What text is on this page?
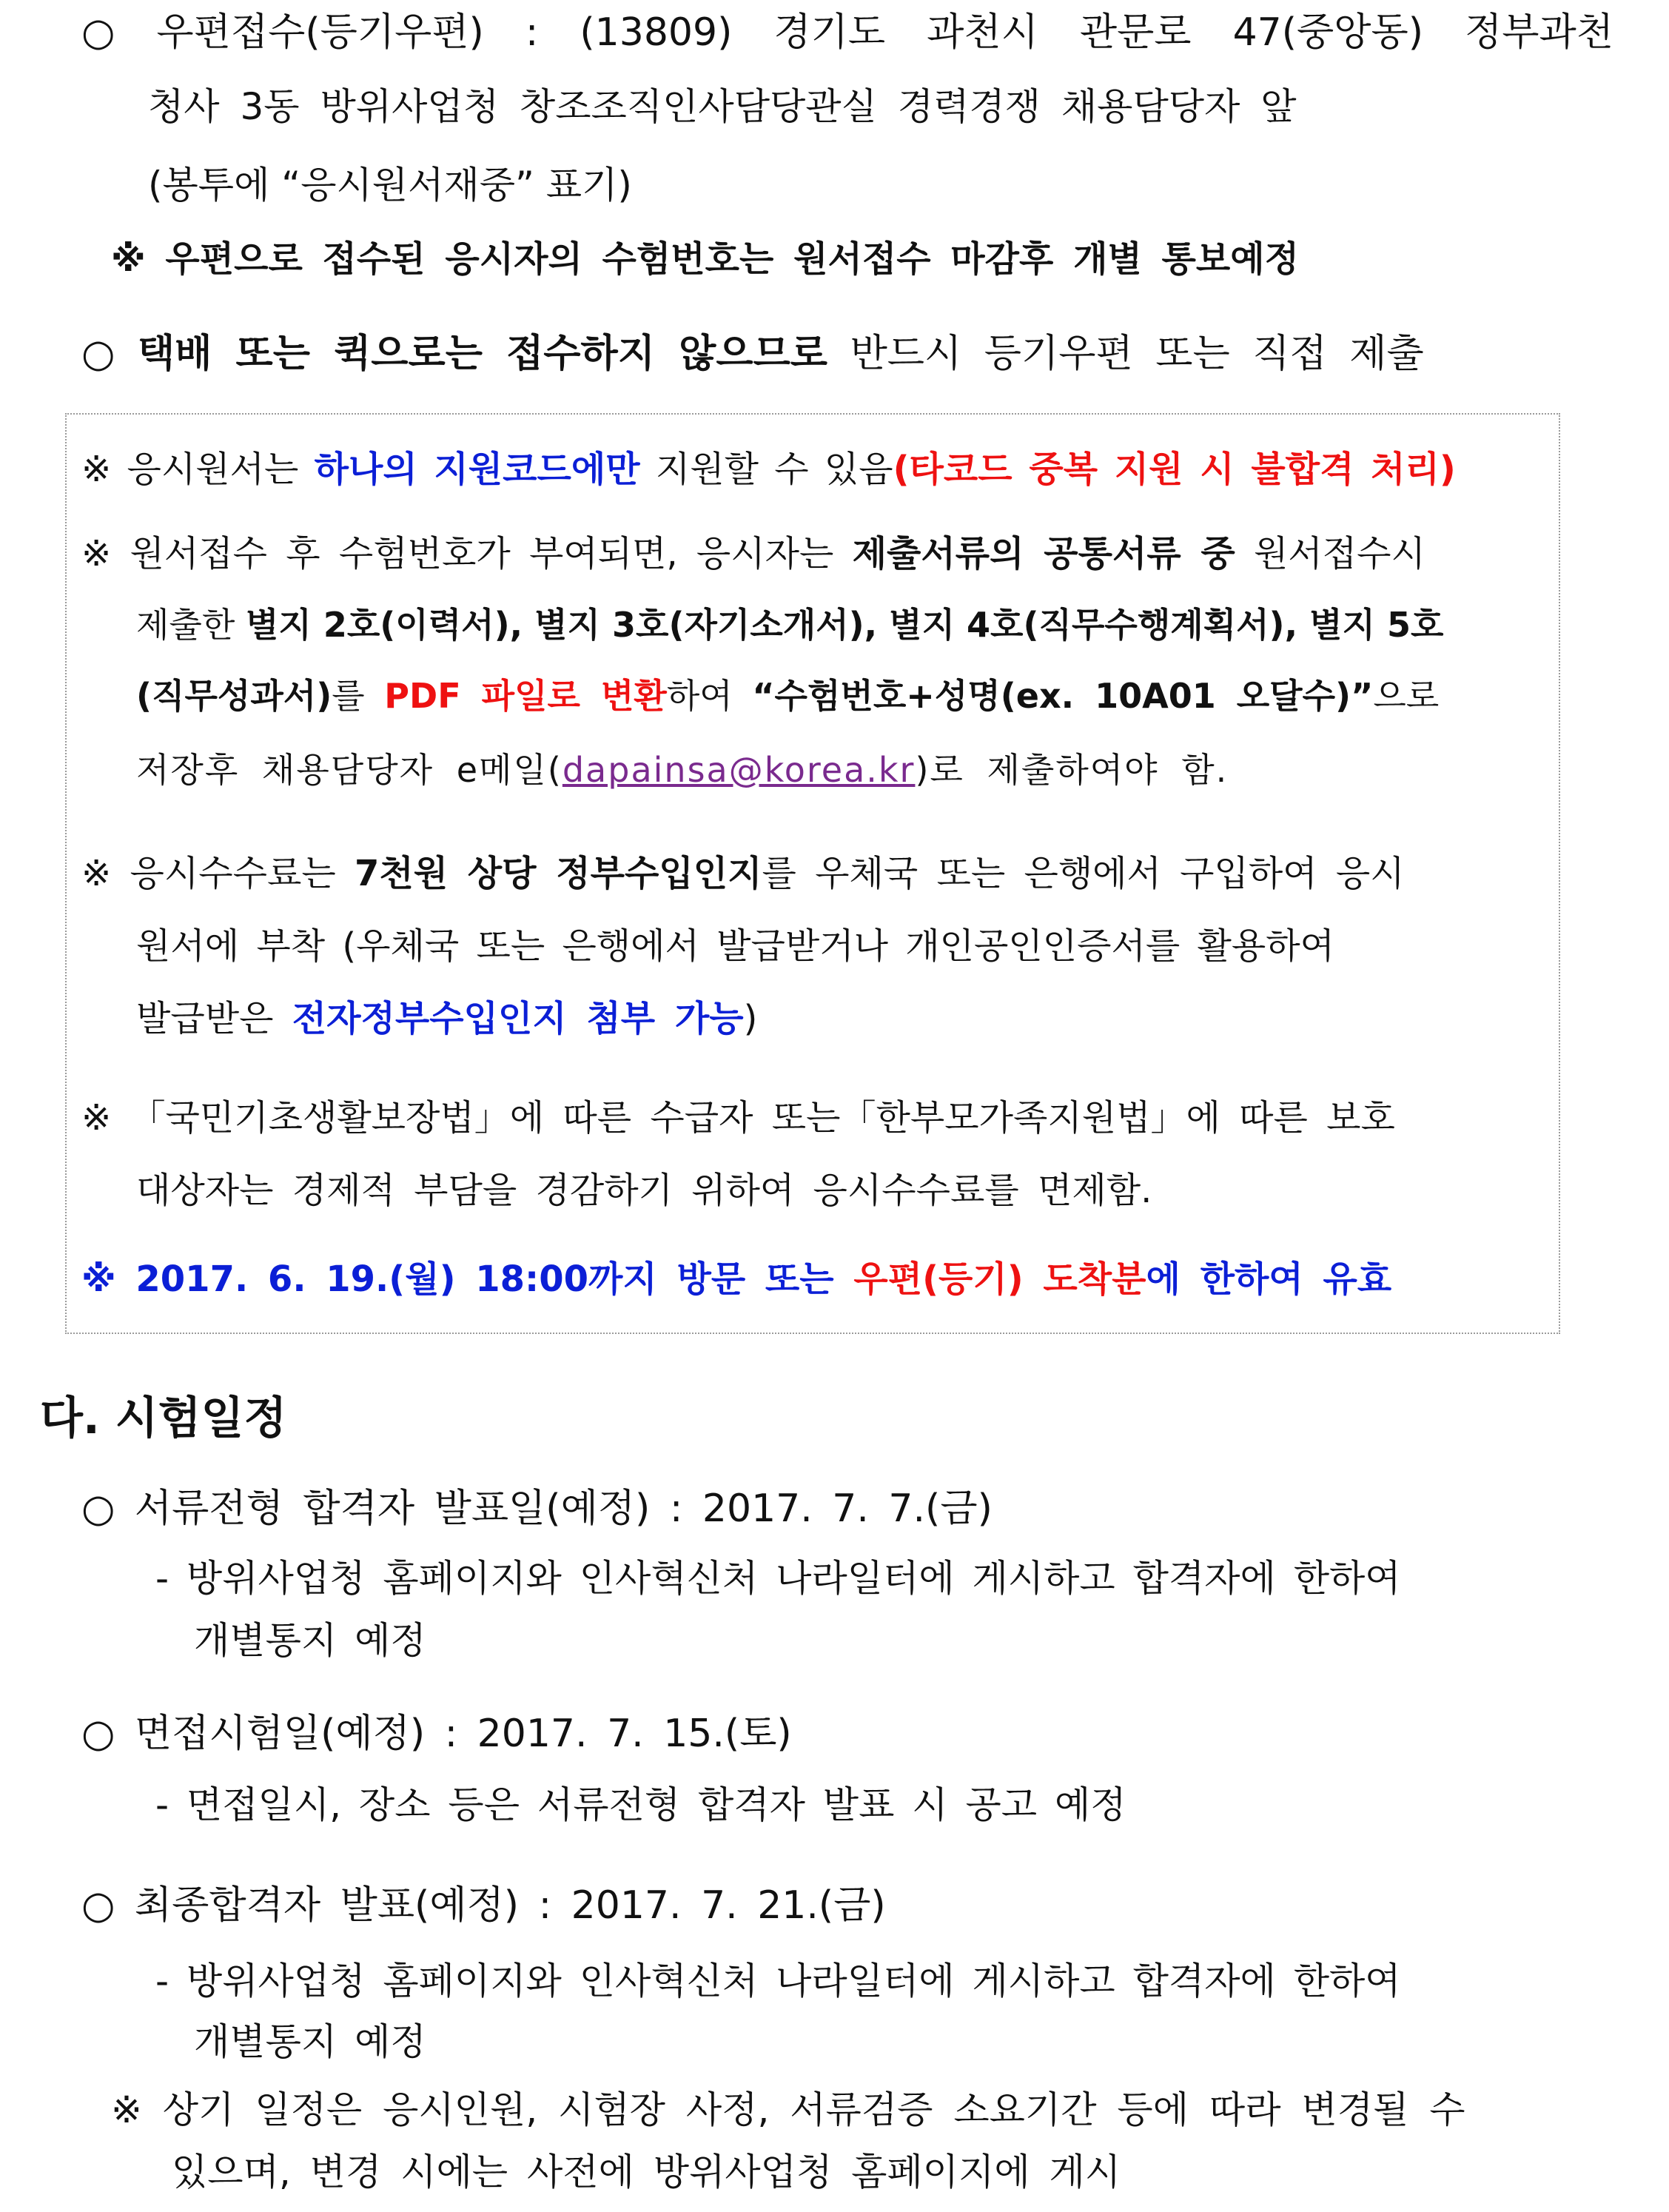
○ 우편접수(등기우편) : (13809) 경기도 과천시 관문로 47(중앙동) 정부과천
청사 3동 방위사업청 창조조직인사담당관실 경력경쟁 채용담당자 앞
(봉투에 “응시원서재중” 표기)
※ 우편으로 접수된 응시자의 수험번호는 원서접수 마감후 개별 통보예정
○ 택배 또는 퀵으로는 접수하지 않으므로 반드시 등기우편 또는 직접 제출
※ 응시원서는 하나의 지원코드에만 지원할 수 있음(타코드 중복 지원 시 불합격 처리)
※ 원서접수 후 수험번호가 부여되면, 응시자는 제출서류의 공통서류 중 원서접수시
제출한 별지 2호(이력서), 별지 3호(자기소개서), 별지 4호(직무수행계획서), 별지 5호
(직무성과서)를 PDF 파일로 변환하여 “수험번호+성명(ex. 10A01 오달수)”으로
저장후 채용담당자 e메일(dapainsa@korea.kr)로 제출하여야 함.
※ 응시수수료는 7천원 상당 정부수입인지를 우체국 또는 은행에서 구입하여 응시
원서에 부착 (우체국 또는 은행에서 발급받거나 개인공인인증서를 활용하여
발급받은 전자정부수입인지 첨부 가능)
※ 「국민기초생활보장법」에 따른 수급자 또는「한부모가족지원법」에 따른 보호
대상자는 경제적 부담을 경감하기 위하여 응시수수료를 면제함.
※ 2017. 6. 19.(월) 18:00까지 방문 또는 우편(등기) 도착분에 한하여 유효
다. 시험일정
○ 서류전형 합격자 발표일(예정) : 2017. 7. 7.(금)
- 방위사업청 홈페이지와 인사혁신처 나라일터에 게시하고 합격자에 한하여
개별통지 예정
○ 면접시험일(예정) : 2017. 7. 15.(토)
- 면접일시, 장소 등은 서류전형 합격자 발표 시 공고 예정
○ 최종합격자 발표(예정) : 2017. 7. 21.(금)
- 방위사업청 홈페이지와 인사혁신처 나라일터에 게시하고 합격자에 한하여
개별통지 예정
※ 상기 일정은 응시인원, 시험장 사정, 서류검증 소요기간 등에 따라 변경될 수
있으며, 변경 시에는 사전에 방위사업청 홈페이지에 게시
